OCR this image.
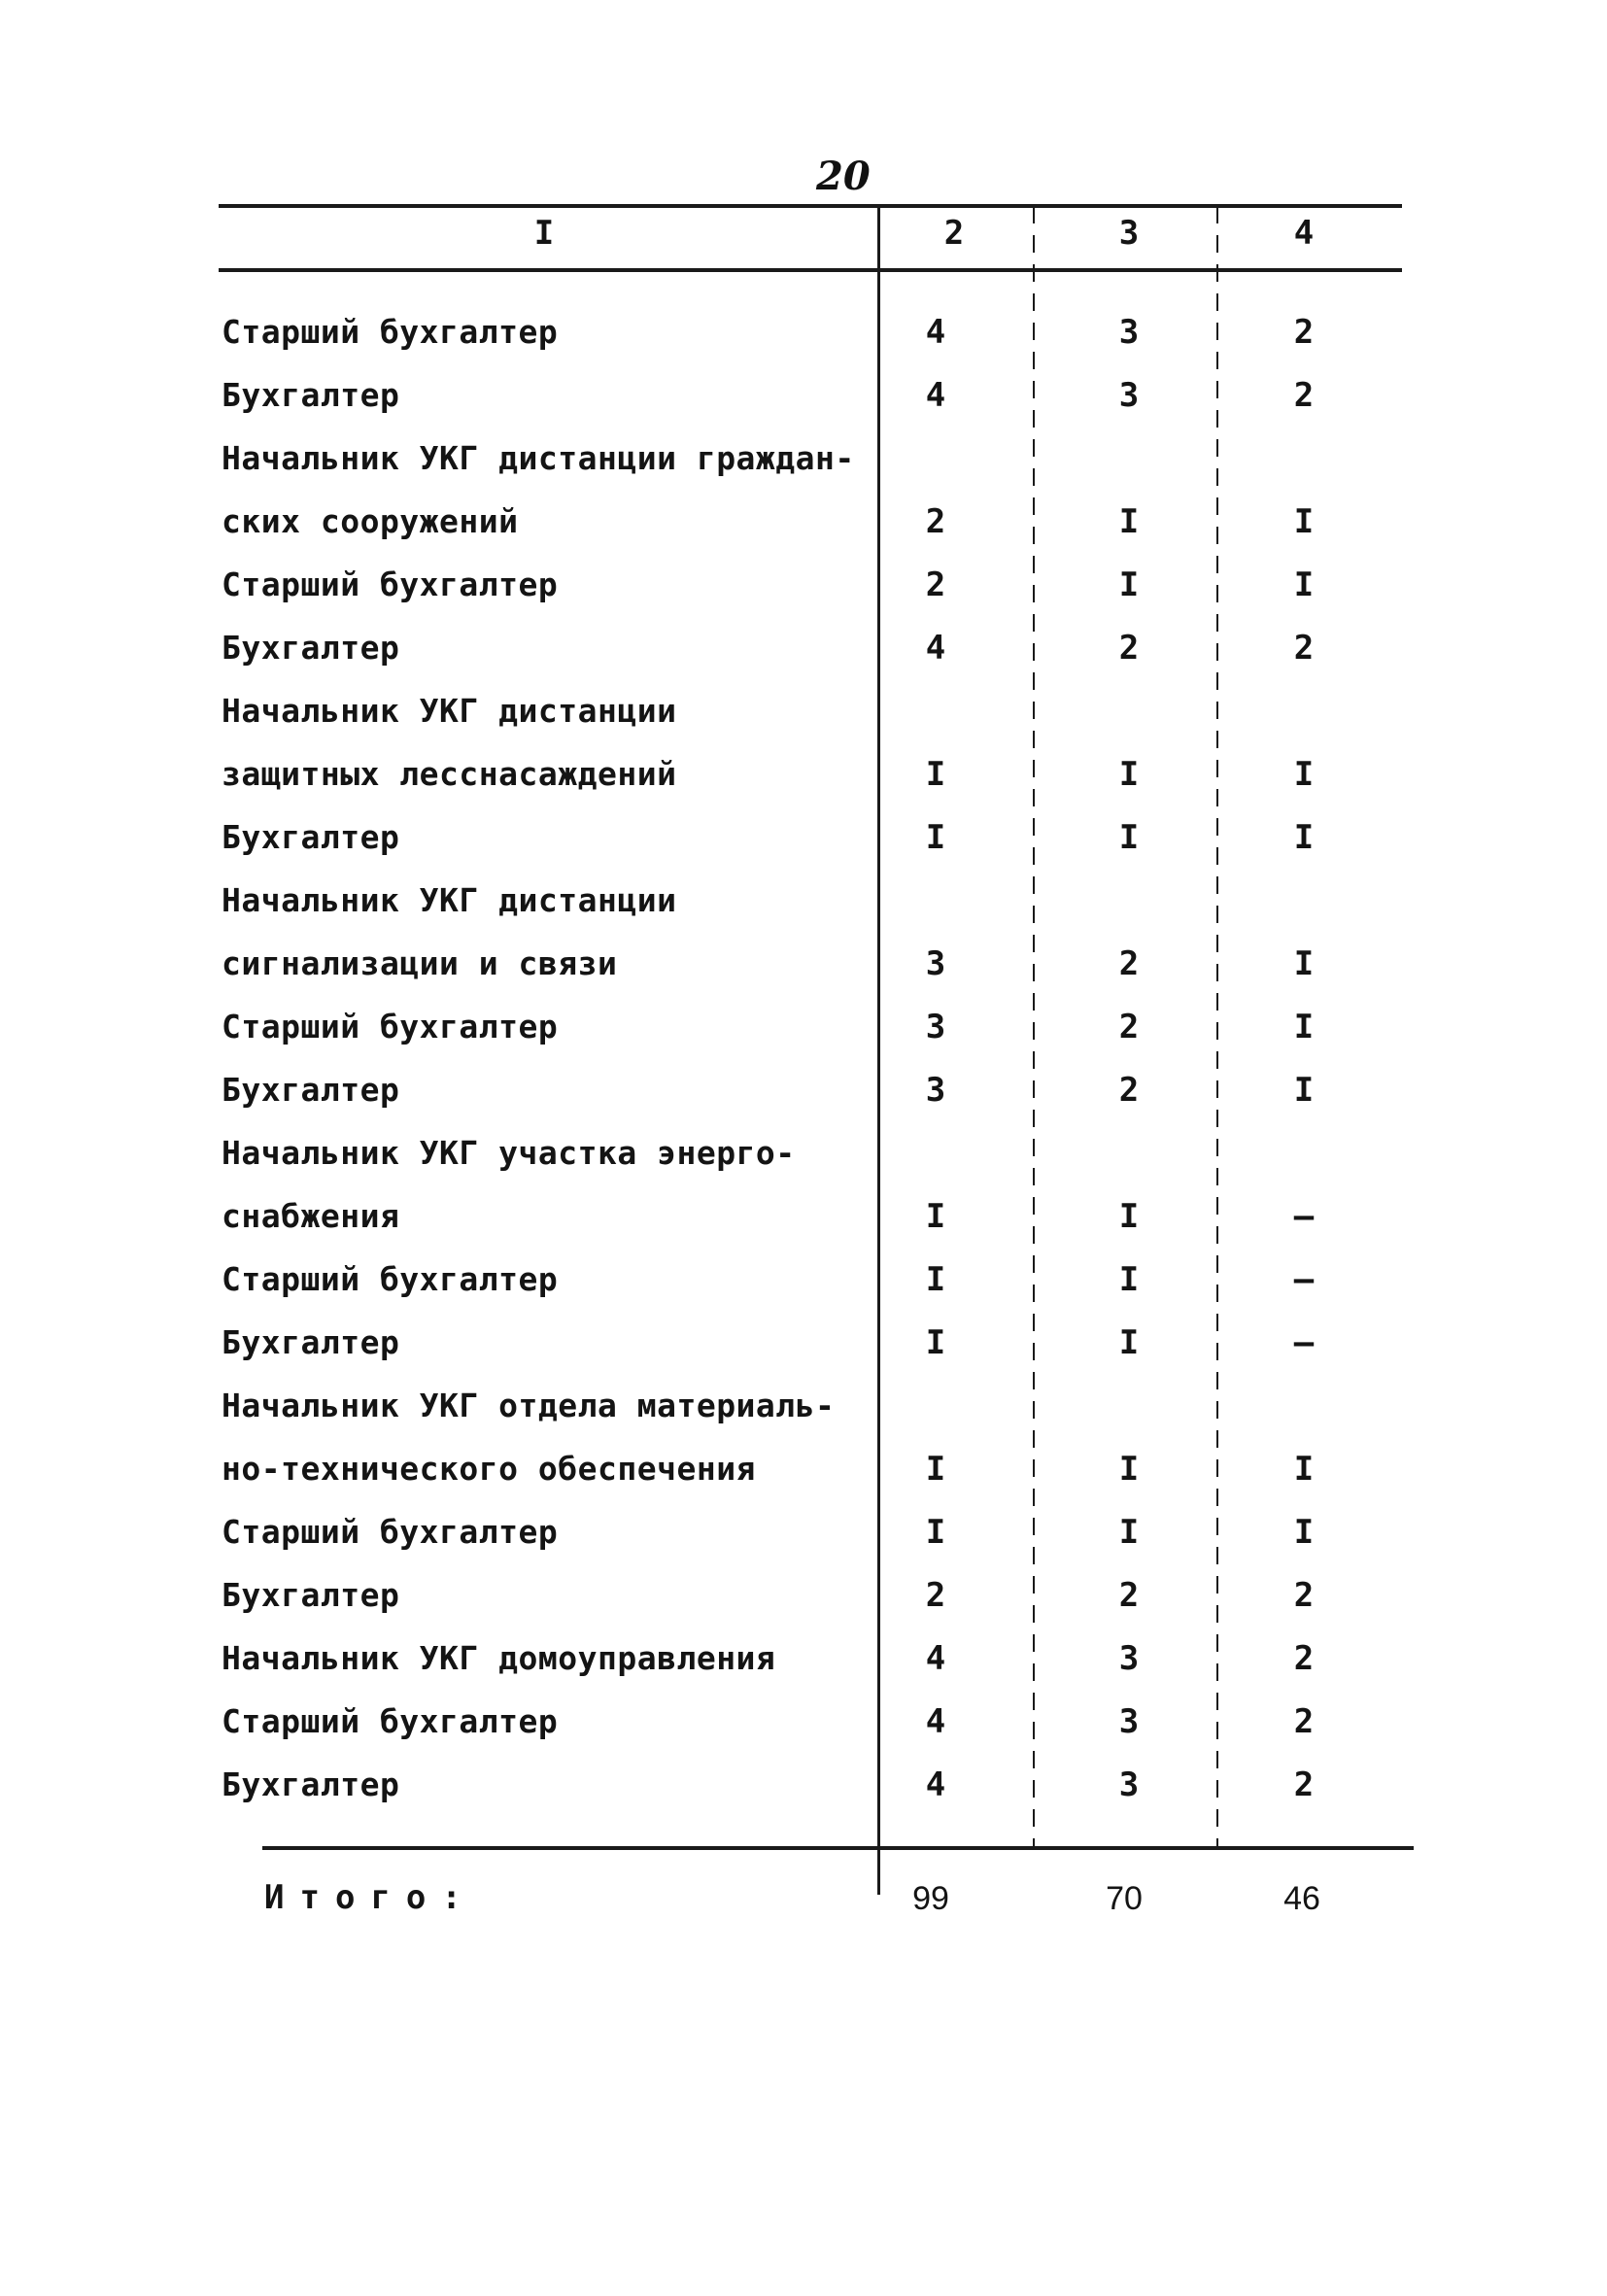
20
I	2	3	4
Старший бухгалтер	4	3	2
Бухгалтер	4	3	2
Начальник УКГ дистанции граждан-
ских сооружений	2	I	I
Старший бухгалтер	2	I	I
Бухгалтер	4	2	2
Начальник УКГ дистанции
защитных лесснасаждений	I	I	I
Бухгалтер	I	I	I
Начальник УКГ дистанции
сигнализации и связи	3	2	I
Старший бухгалтер	3	2	I
Бухгалтер	3	2	I
Начальник УКГ участка энерго-
снабжения	I	I	–
Старший бухгалтер	I	I	–
Бухгалтер	I	I	–
Начальник УКГ отдела материаль-
но-технического обеспечения	I	I	I
Старший бухгалтер	I	I	I
Бухгалтер	2	2	2
Начальник УКГ домоуправления	4	3	2
Старший бухгалтер	4	3	2
Бухгалтер	4	3	2
Итого:	99	70	46
